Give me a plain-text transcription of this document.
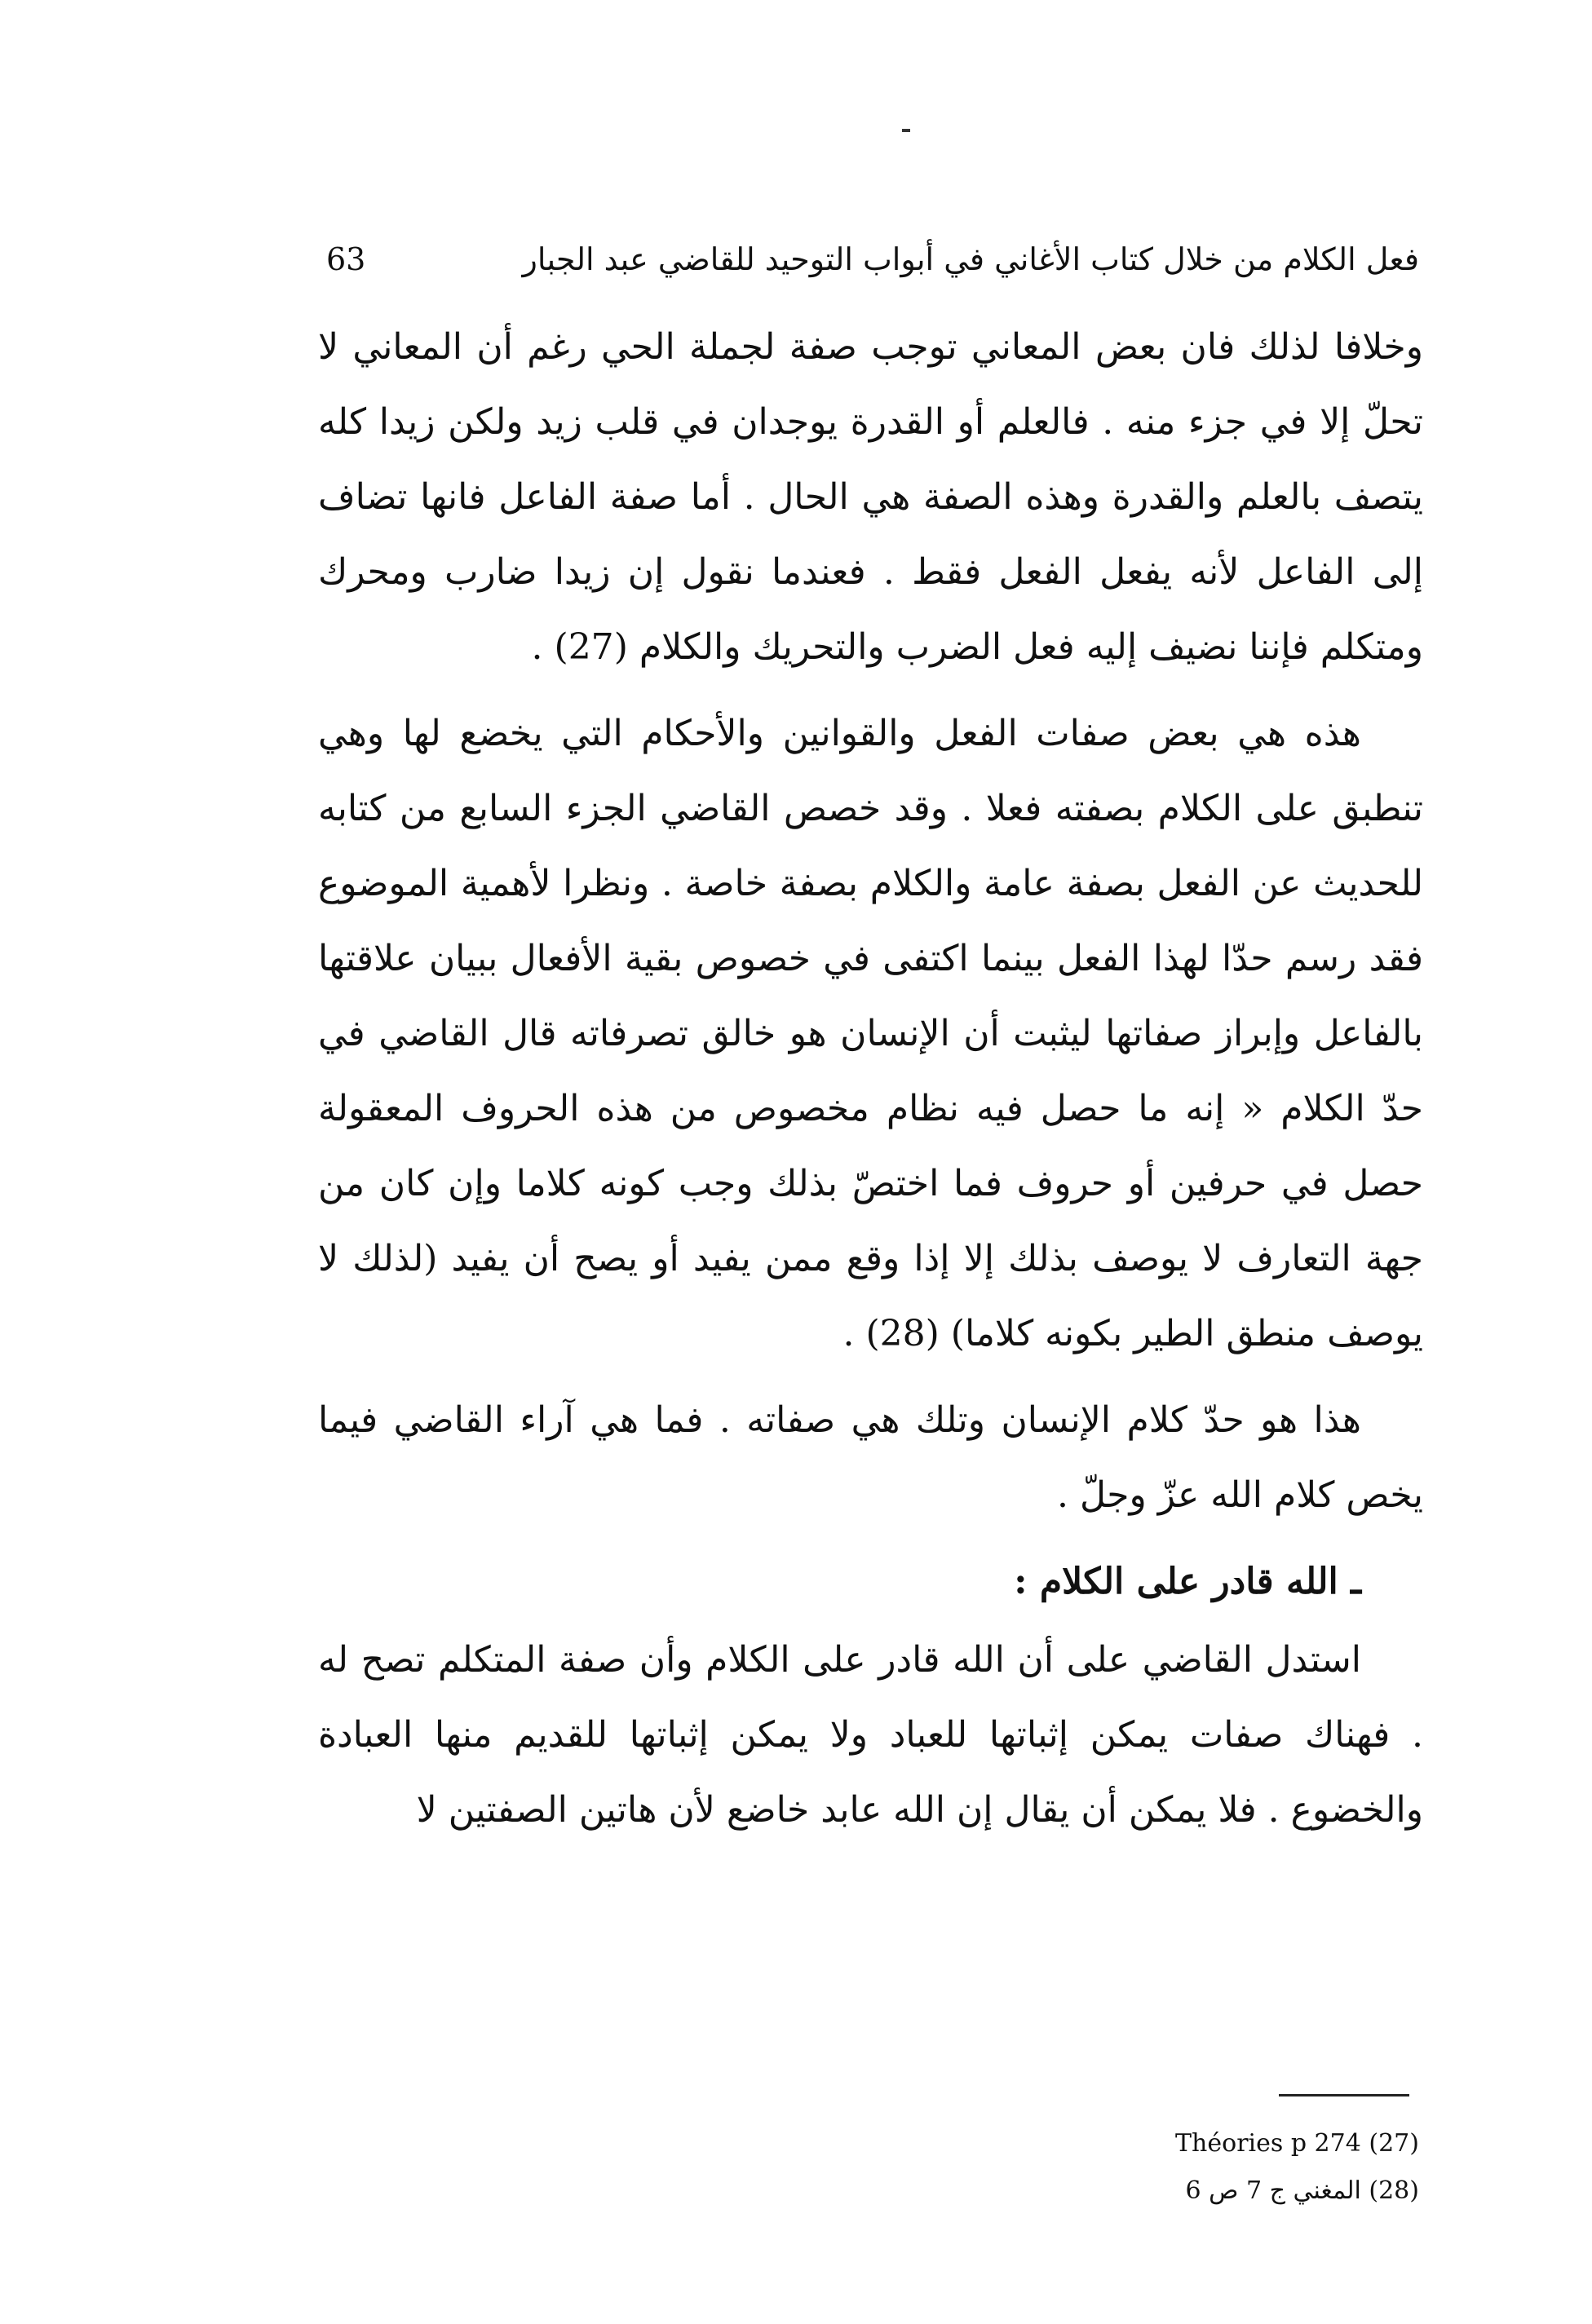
63	فعل الكلام من خلال كتاب الأغاني في أبواب التوحيد للقاضي عبد الجبار

وخلافا لذلك فان بعض المعاني توجب صفة لجملة الحي رغم أن المعاني لا تحلّ إلا في جزء منه . فالعلم أو القدرة يوجدان في قلب زيد ولكن زيدا كله يتصف بالعلم والقدرة وهذه الصفة هي الحال . أما صفة الفاعل فانها تضاف إلى الفاعل لأنه يفعل الفعل فقط . فعندما نقول إن زيدا ضارب ومحرك ومتكلم فإننا نضيف إليه فعل الضرب والتحريك والكلام (27) .

هذه هي بعض صفات الفعل والقوانين والأحكام التي يخضع لها وهي تنطبق على الكلام بصفته فعلا . وقد خصص القاضي الجزء السابع من كتابه للحديث عن الفعل بصفة عامة والكلام بصفة خاصة . ونظرا لأهمية الموضوع فقد رسم حدّا لهذا الفعل بينما اكتفى في خصوص بقية الأفعال ببيان علاقتها بالفاعل وإبراز صفاتها ليثبت أن الإنسان هو خالق تصرفاته قال القاضي في حدّ الكلام « إنه ما حصل فيه نظام مخصوص من هذه الحروف المعقولة حصل في حرفين أو حروف فما اختصّ بذلك وجب كونه كلاما وإن كان من جهة التعارف لا يوصف بذلك إلا إذا وقع ممن يفيد أو يصح أن يفيد (لذلك لا يوصف منطق الطير بكونه كلاما) (28) .

هذا هو حدّ كلام الإنسان وتلك هي صفاته . فما هي آراء القاضي فيما يخص كلام الله عزّ وجلّ .

ـ الله قادر على الكلام :

استدل القاضي على أن الله قادر على الكلام وأن صفة المتكلم تصح له . فهناك صفات يمكن إثباتها للعباد ولا يمكن إثباتها للقديم منها العبادة والخضوع . فلا يمكن أن يقال إن الله عابد خاضع لأن هاتين الصفتين لا

(27) Théories p 274
(28) المغني ج 7 ص 6
